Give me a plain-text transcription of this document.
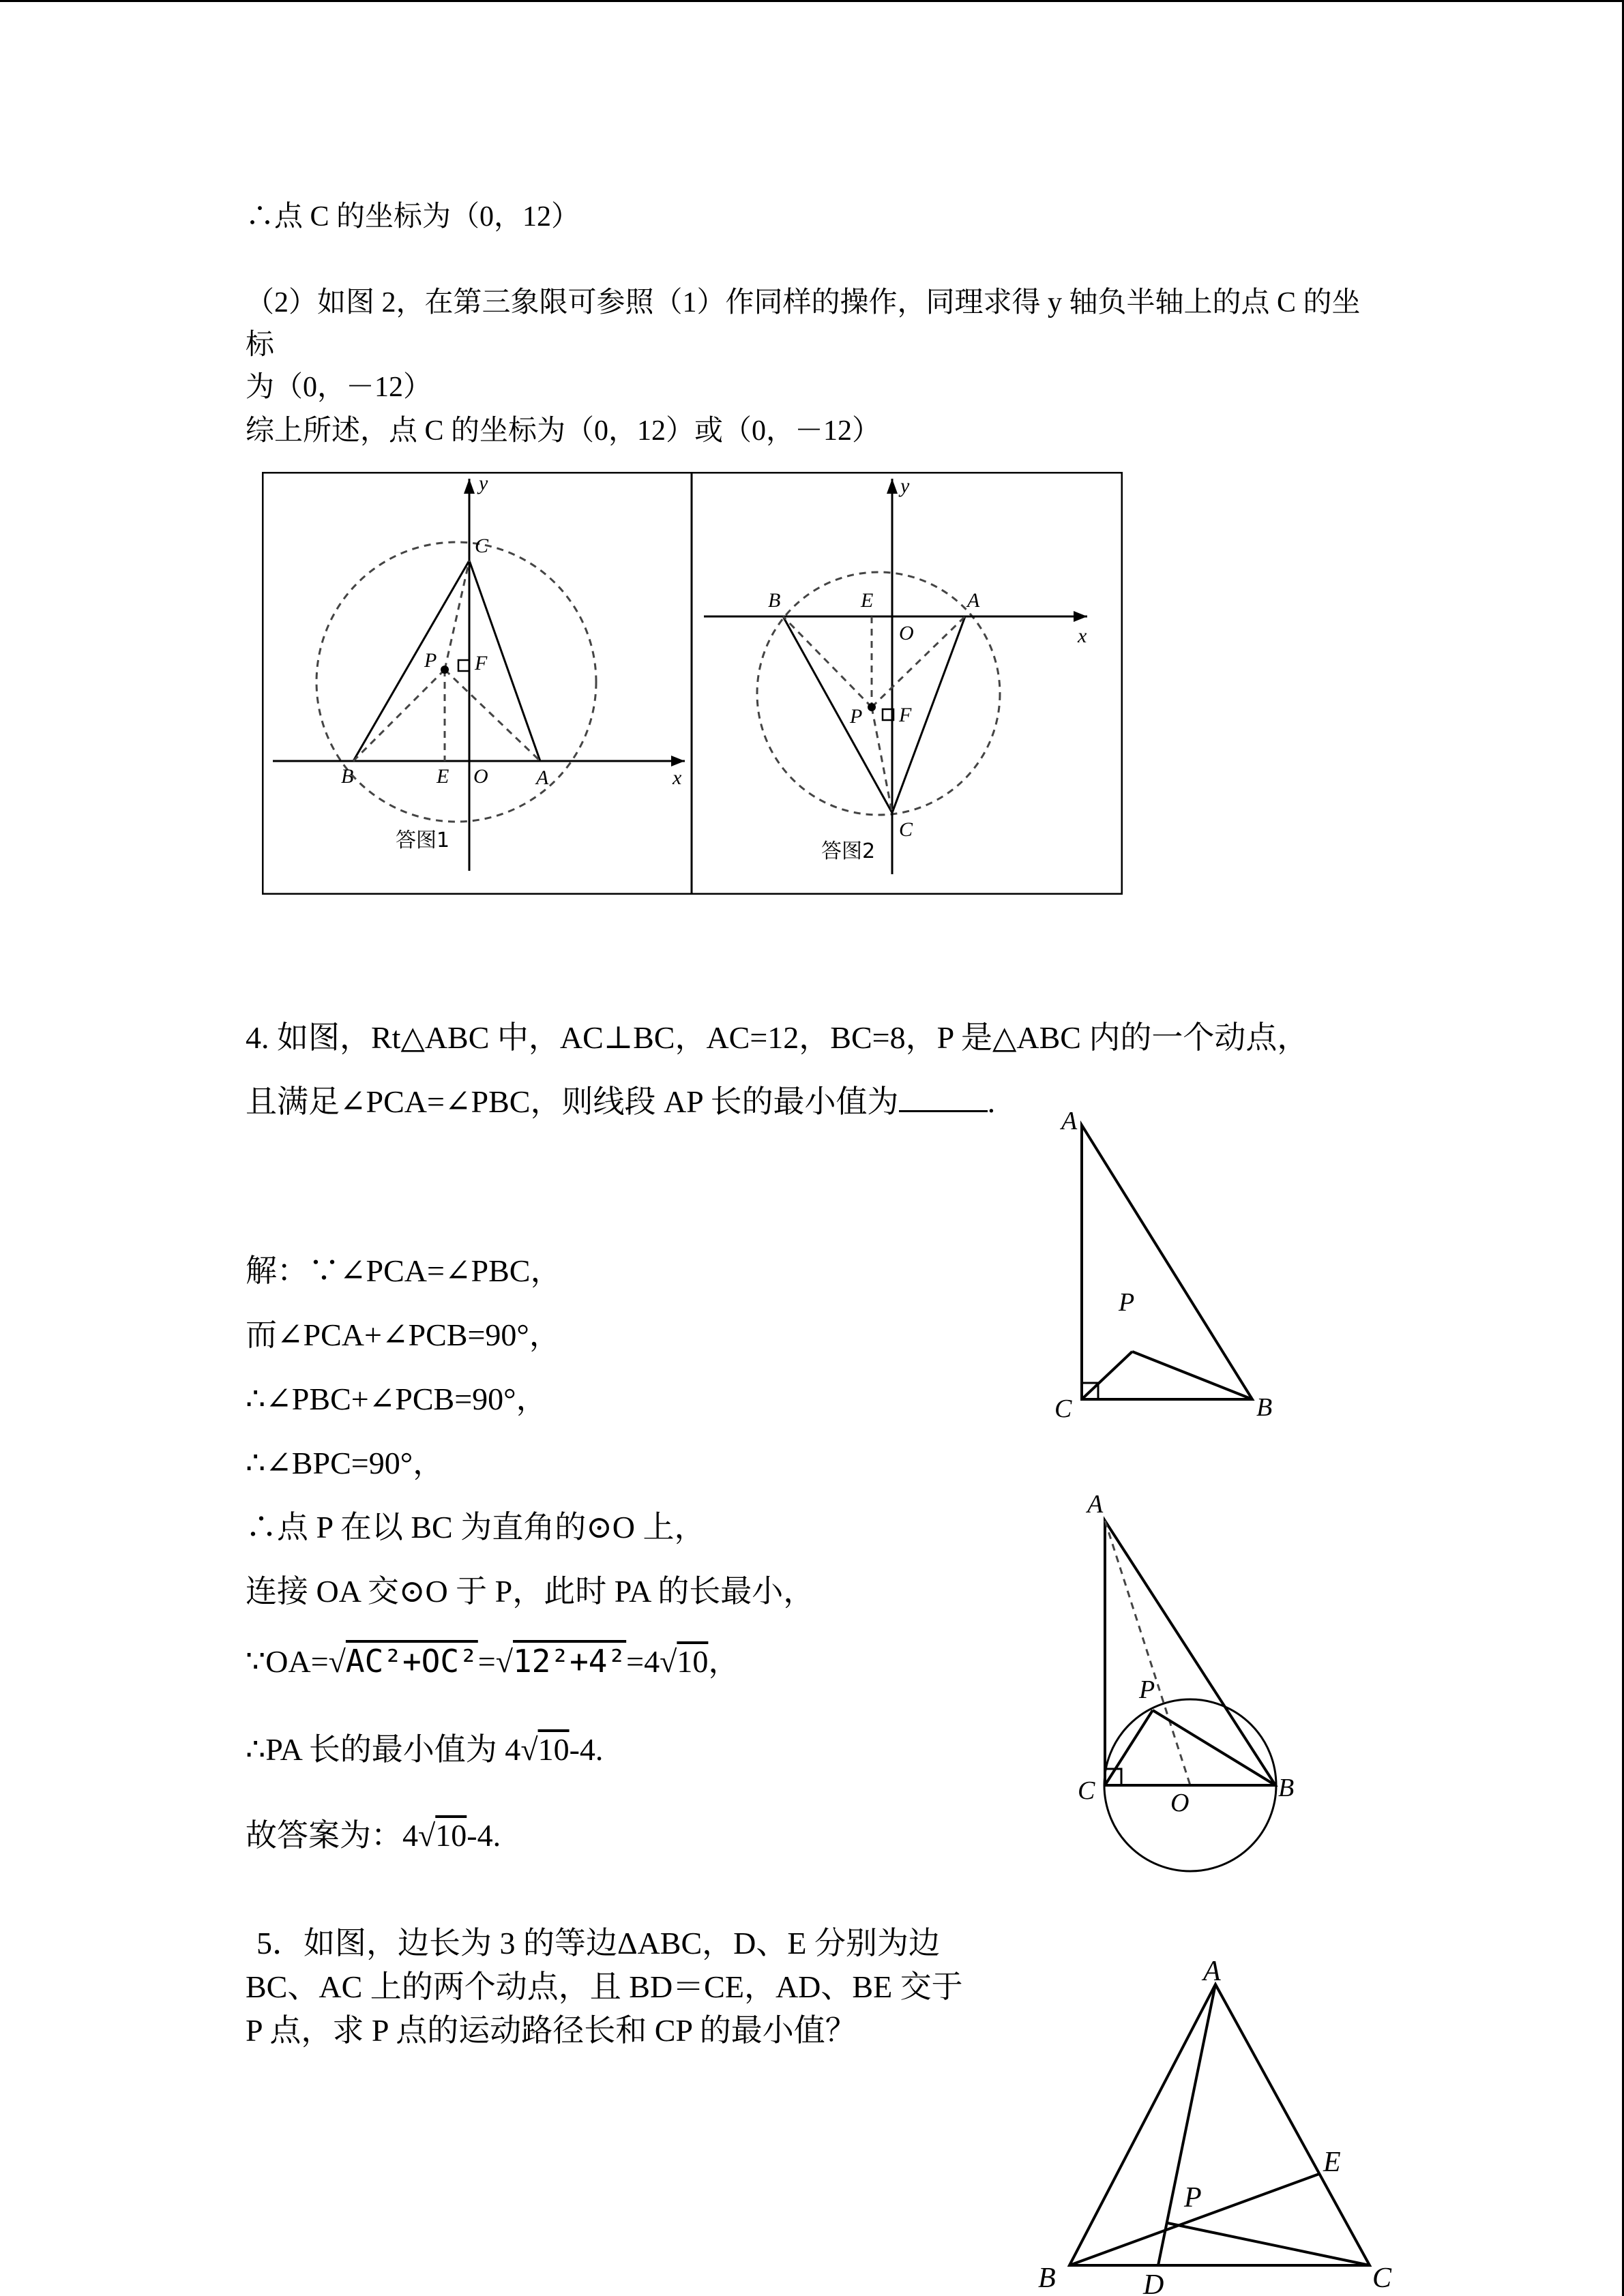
∴点 C 的坐标为（0，12）
（2）如图 2，在第三象限可参照（1）作同样的操作，同理求得 y 轴负半轴上的点 C 的坐
标
为（0，－12）
综上所述，点 C 的坐标为（0，12）或（0，－12）
y
C
P F
B	E O A	x
答图1
y
B	E	A
O	x
P F
C
答图2
4. 如图，Rt△ABC 中，AC⊥BC，AC=12，BC=8，P 是△ABC 内的一个动点，
且满足∠PCA=∠PBC，则线段 AP 长的最小值为	.
解：∵∠PCA=∠PBC，
而∠PCA+∠PCB=90°，
∴∠PBC+∠PCB=90°，
∴∠BPC=90°，
∴点 P 在以 BC 为直角的⊙O 上，
连接 OA 交⊙O 于 P，此时 PA 的长最小，
∵OA=√AC²+OC²=√12²+4²=4√10，
∴PA 长的最小值为 4√10-4.
故答案为：4√10-4.
A
P
C	B
A
P
C	O
B
5．如图，边长为 3 的等边ΔABC，D、E 分别为边
BC、AC 上的两个动点，且 BD＝CE，AD、BE 交于
P 点，求 P 点的运动路径长和 CP 的最小值？
A
E
P
B	D	C
